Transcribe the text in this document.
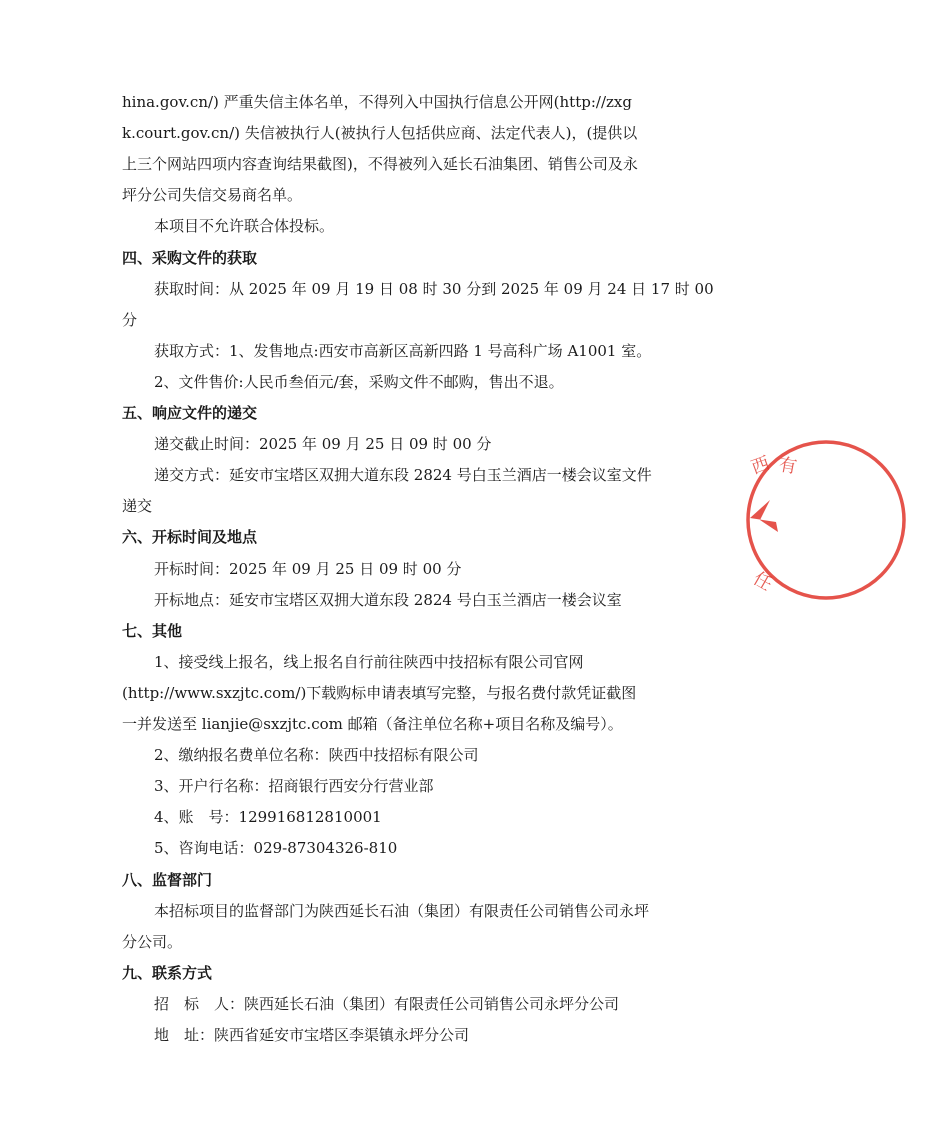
hina.gov.cn/) 严重失信主体名单，不得列入中国执行信息公开网(http://zxg
k.court.gov.cn/) 失信被执行人(被执行人包括供应商、法定代表人)，(提供以
上三个网站四项内容查询结果截图)，不得被列入延长石油集团、销售公司及永
坪分公司失信交易商名单。
本项目不允许联合体投标。
四、采购文件的获取
获取时间：从 2025 年 09 月 19 日 08 时 30 分到 2025 年 09 月 24 日 17 时 00
分
获取方式：1、发售地点:西安市高新区高新四路 1 号高科广场 A1001 室。
2、文件售价:人民币叁佰元/套，采购文件不邮购，售出不退。
五、响应文件的递交
递交截止时间：2025 年 09 月 25 日 09 时 00 分
递交方式：延安市宝塔区双拥大道东段 2824 号白玉兰酒店一楼会议室文件
递交
六、开标时间及地点
开标时间：2025 年 09 月 25 日 09 时 00 分
开标地点：延安市宝塔区双拥大道东段 2824 号白玉兰酒店一楼会议室
七、其他
1、接受线上报名，线上报名自行前往陕西中技招标有限公司官网
(http://www.sxzjtc.com/)下载购标申请表填写完整，与报名费付款凭证截图
一并发送至 lianjie@sxzjtc.com 邮箱（备注单位名称+项目名称及编号）。
2、缴纳报名费单位名称：陕西中技招标有限公司
3、开户行名称：招商银行西安分行营业部
4、账　号：129916812810001
5、咨询电话：029-87304326-810
八、监督部门
本招标项目的监督部门为陕西延长石油（集团）有限责任公司销售公司永坪
分公司。
九、联系方式
招　标　人：陕西延长石油（集团）有限责任公司销售公司永坪分公司
地　址：陕西省延安市宝塔区李渠镇永坪分公司
西 有
任
